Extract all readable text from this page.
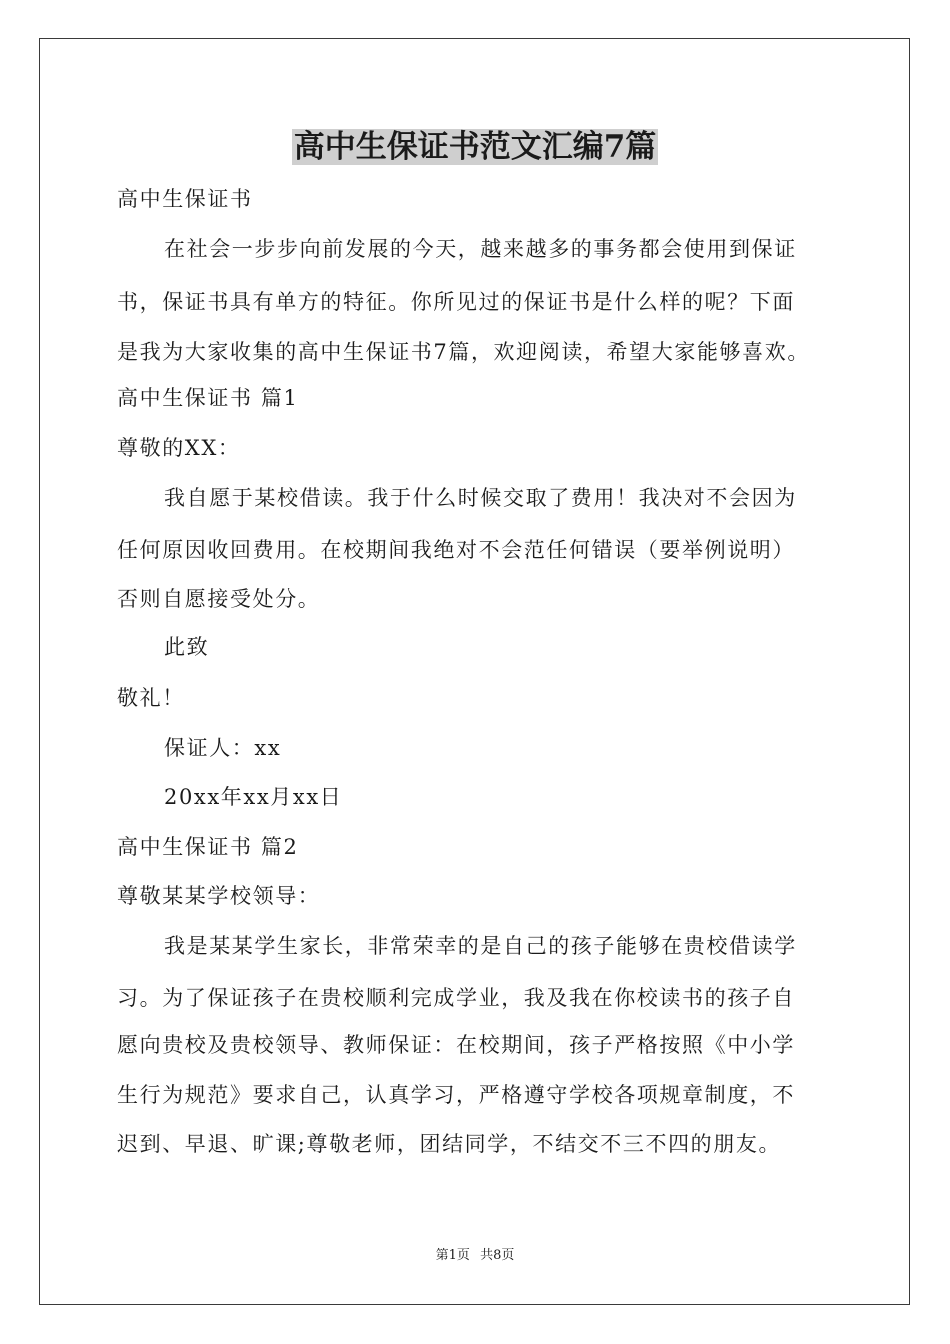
高中生保证书范文汇编7篇
高中生保证书
在社会一步步向前发展的今天，越来越多的事务都会使用到保证
书，保证书具有单方的特征。你所见过的保证书是什么样的呢？下面
是我为大家收集的高中生保证书7篇，欢迎阅读，希望大家能够喜欢。
高中生保证书 篇1
尊敬的XX：
我自愿于某校借读。我于什么时候交取了费用！我决对不会因为
任何原因收回费用。在校期间我绝对不会范任何错误（要举例说明）
否则自愿接受处分。
此致
敬礼！
保证人：xx
20xx年xx月xx日
高中生保证书 篇2
尊敬某某学校领导：
我是某某学生家长，非常荣幸的是自己的孩子能够在贵校借读学
习。为了保证孩子在贵校顺利完成学业，我及我在你校读书的孩子自
愿向贵校及贵校领导、教师保证：在校期间，孩子严格按照《中小学
生行为规范》要求自己，认真学习，严格遵守学校各项规章制度，不
迟到、早退、旷课;尊敬老师，团结同学，不结交不三不四的朋友。
第1页 共8页
